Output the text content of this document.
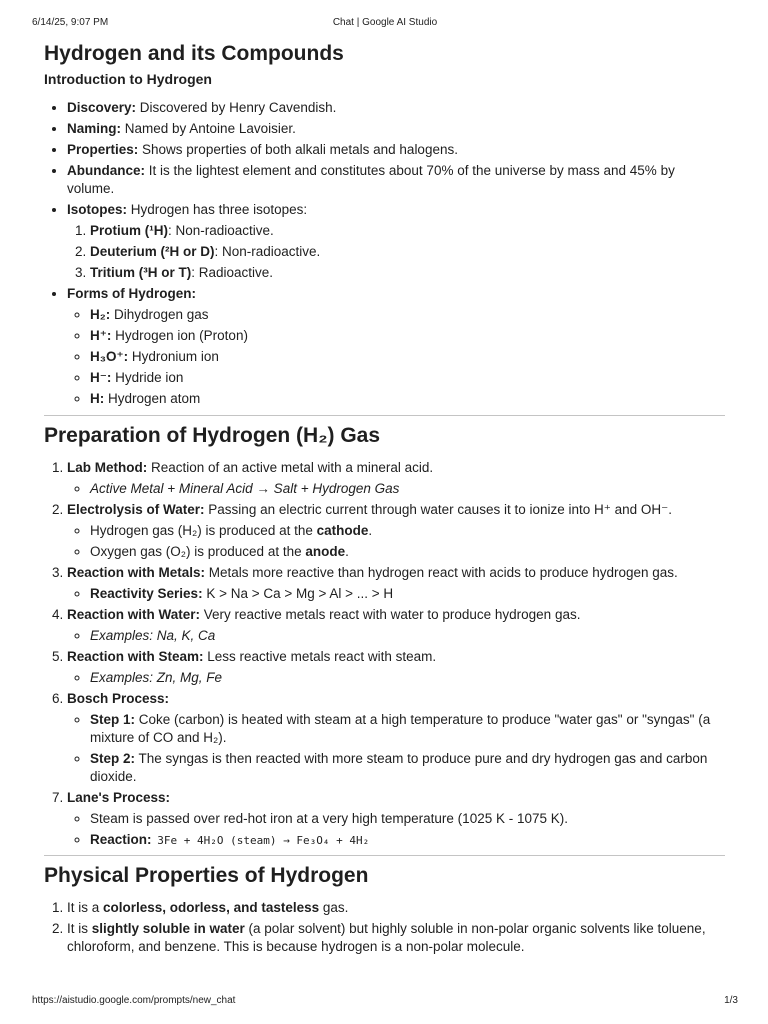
6/14/25, 9:07 PM	Chat | Google AI Studio
Hydrogen and its Compounds
Introduction to Hydrogen
• Discovery: Discovered by Henry Cavendish.
• Naming: Named by Antoine Lavoisier.
• Properties: Shows properties of both alkali metals and halogens.
• Abundance: It is the lightest element and constitutes about 70% of the universe by mass and 45% by volume.
• Isotopes: Hydrogen has three isotopes:
1. Protium (¹H): Non-radioactive.
2. Deuterium (²H or D): Non-radioactive.
3. Tritium (³H or T): Radioactive.
• Forms of Hydrogen:
◦ H₂: Dihydrogen gas
◦ H⁺: Hydrogen ion (Proton)
◦ H₃O⁺: Hydronium ion
◦ H⁻: Hydride ion
◦ H: Hydrogen atom
Preparation of Hydrogen (H₂) Gas
1. Lab Method: Reaction of an active metal with a mineral acid.
◦ Active Metal + Mineral Acid → Salt + Hydrogen Gas
2. Electrolysis of Water: Passing an electric current through water causes it to ionize into H⁺ and OH⁻.
◦ Hydrogen gas (H₂) is produced at the cathode.
◦ Oxygen gas (O₂) is produced at the anode.
3. Reaction with Metals: Metals more reactive than hydrogen react with acids to produce hydrogen gas.
◦ Reactivity Series: K > Na > Ca > Mg > Al > ... > H
4. Reaction with Water: Very reactive metals react with water to produce hydrogen gas.
◦ Examples: Na, K, Ca
5. Reaction with Steam: Less reactive metals react with steam.
◦ Examples: Zn, Mg, Fe
6. Bosch Process:
◦ Step 1: Coke (carbon) is heated with steam at a high temperature to produce "water gas" or "syngas" (a mixture of CO and H₂).
◦ Step 2: The syngas is then reacted with more steam to produce pure and dry hydrogen gas and carbon dioxide.
7. Lane's Process:
◦ Steam is passed over red-hot iron at a very high temperature (1025 K - 1075 K).
◦ Reaction: 3Fe + 4H₂O (steam) → Fe₃O₄ + 4H₂
Physical Properties of Hydrogen
1. It is a colorless, odorless, and tasteless gas.
2. It is slightly soluble in water (a polar solvent) but highly soluble in non-polar organic solvents like toluene, chloroform, and benzene. This is because hydrogen is a non-polar molecule.
https://aistudio.google.com/prompts/new_chat	1/3
